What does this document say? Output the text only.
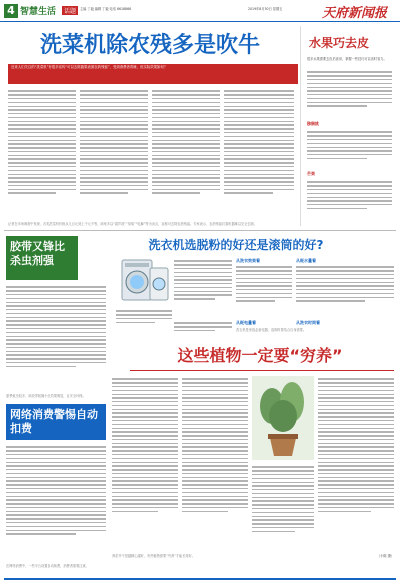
4 智慧生活	话题	主编 丁毅 编辑 丁毅 电话 6618866	2019年8月30日 星期五	天府新闻报
洗菜机除农残多是吹牛
近来人们关注的“洗菜机”有很多宣传“可以去除蔬果表面农药残留”，受到消费者青睐，但实际效果如何？
记者在市场调查中发现，各类洗菜机价格从几百元到上千元不等，商家多以“超声波”“臭氧”“电解”等为卖点，宣称可去除农药残留。专家表示，农药残留仅靠机器难以完全去除。
水果巧去皮
很多水果需要去皮后食用，掌握一些技巧可以省时省力。
猕猴桃
芒果
胶带又锋比杀虫剂强
夏季蚊虫较多，用胶带粘捕小虫效果明显，且安全环保。
洗衣机选脱粉的好还是滚筒的好?
从洗衣效果看	从耗水量看
从耗电量看	从洗衣时间看
洗衣机是家庭必备电器，选购时要结合自身需要。
这些植物一定要“穷养”
养花并不是越精心越好，有些植物需要“穷养”才能长得好。	（小陈 摄）
网络消费警惕自动扣费
在网络消费中，一些平台设置自动续费，消费者需要注意。
